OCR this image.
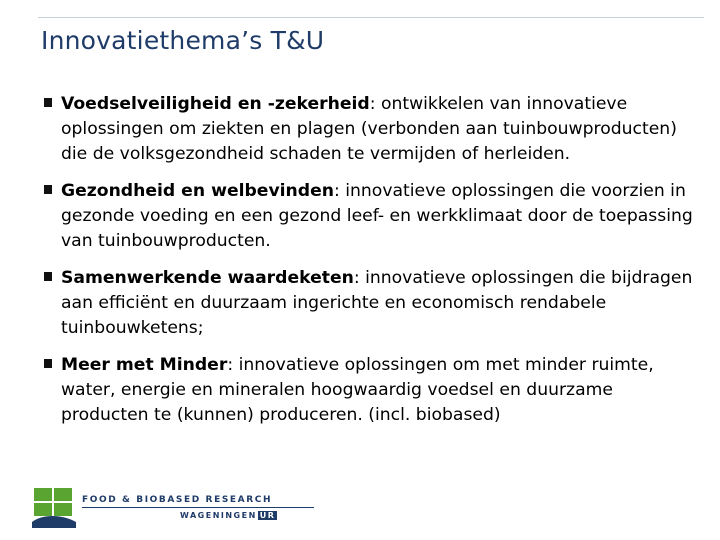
Innovatiethema’s T&U
Voedselveiligheid en -zekerheid: ontwikkelen van innovatieve oplossingen om ziekten en plagen (verbonden aan tuinbouwproducten) die de volksgezondheid schaden te vermijden of herleiden.
Gezondheid en welbevinden: innovatieve oplossingen die voorzien in gezonde voeding en een gezond leef- en werkklimaat door de toepassing van tuinbouwproducten.
Samenwerkende waardeketen: innovatieve oplossingen die bijdragen aan efficiënt en duurzaam ingerichte en economisch rendabele tuinbouwketens;
Meer met Minder: innovatieve oplossingen om met minder ruimte, water, energie en mineralen hoogwaardig voedsel en duurzame producten te (kunnen) produceren. (incl. biobased)
FOOD & BIOBASED RESEARCH
WAGENINGEN UR
